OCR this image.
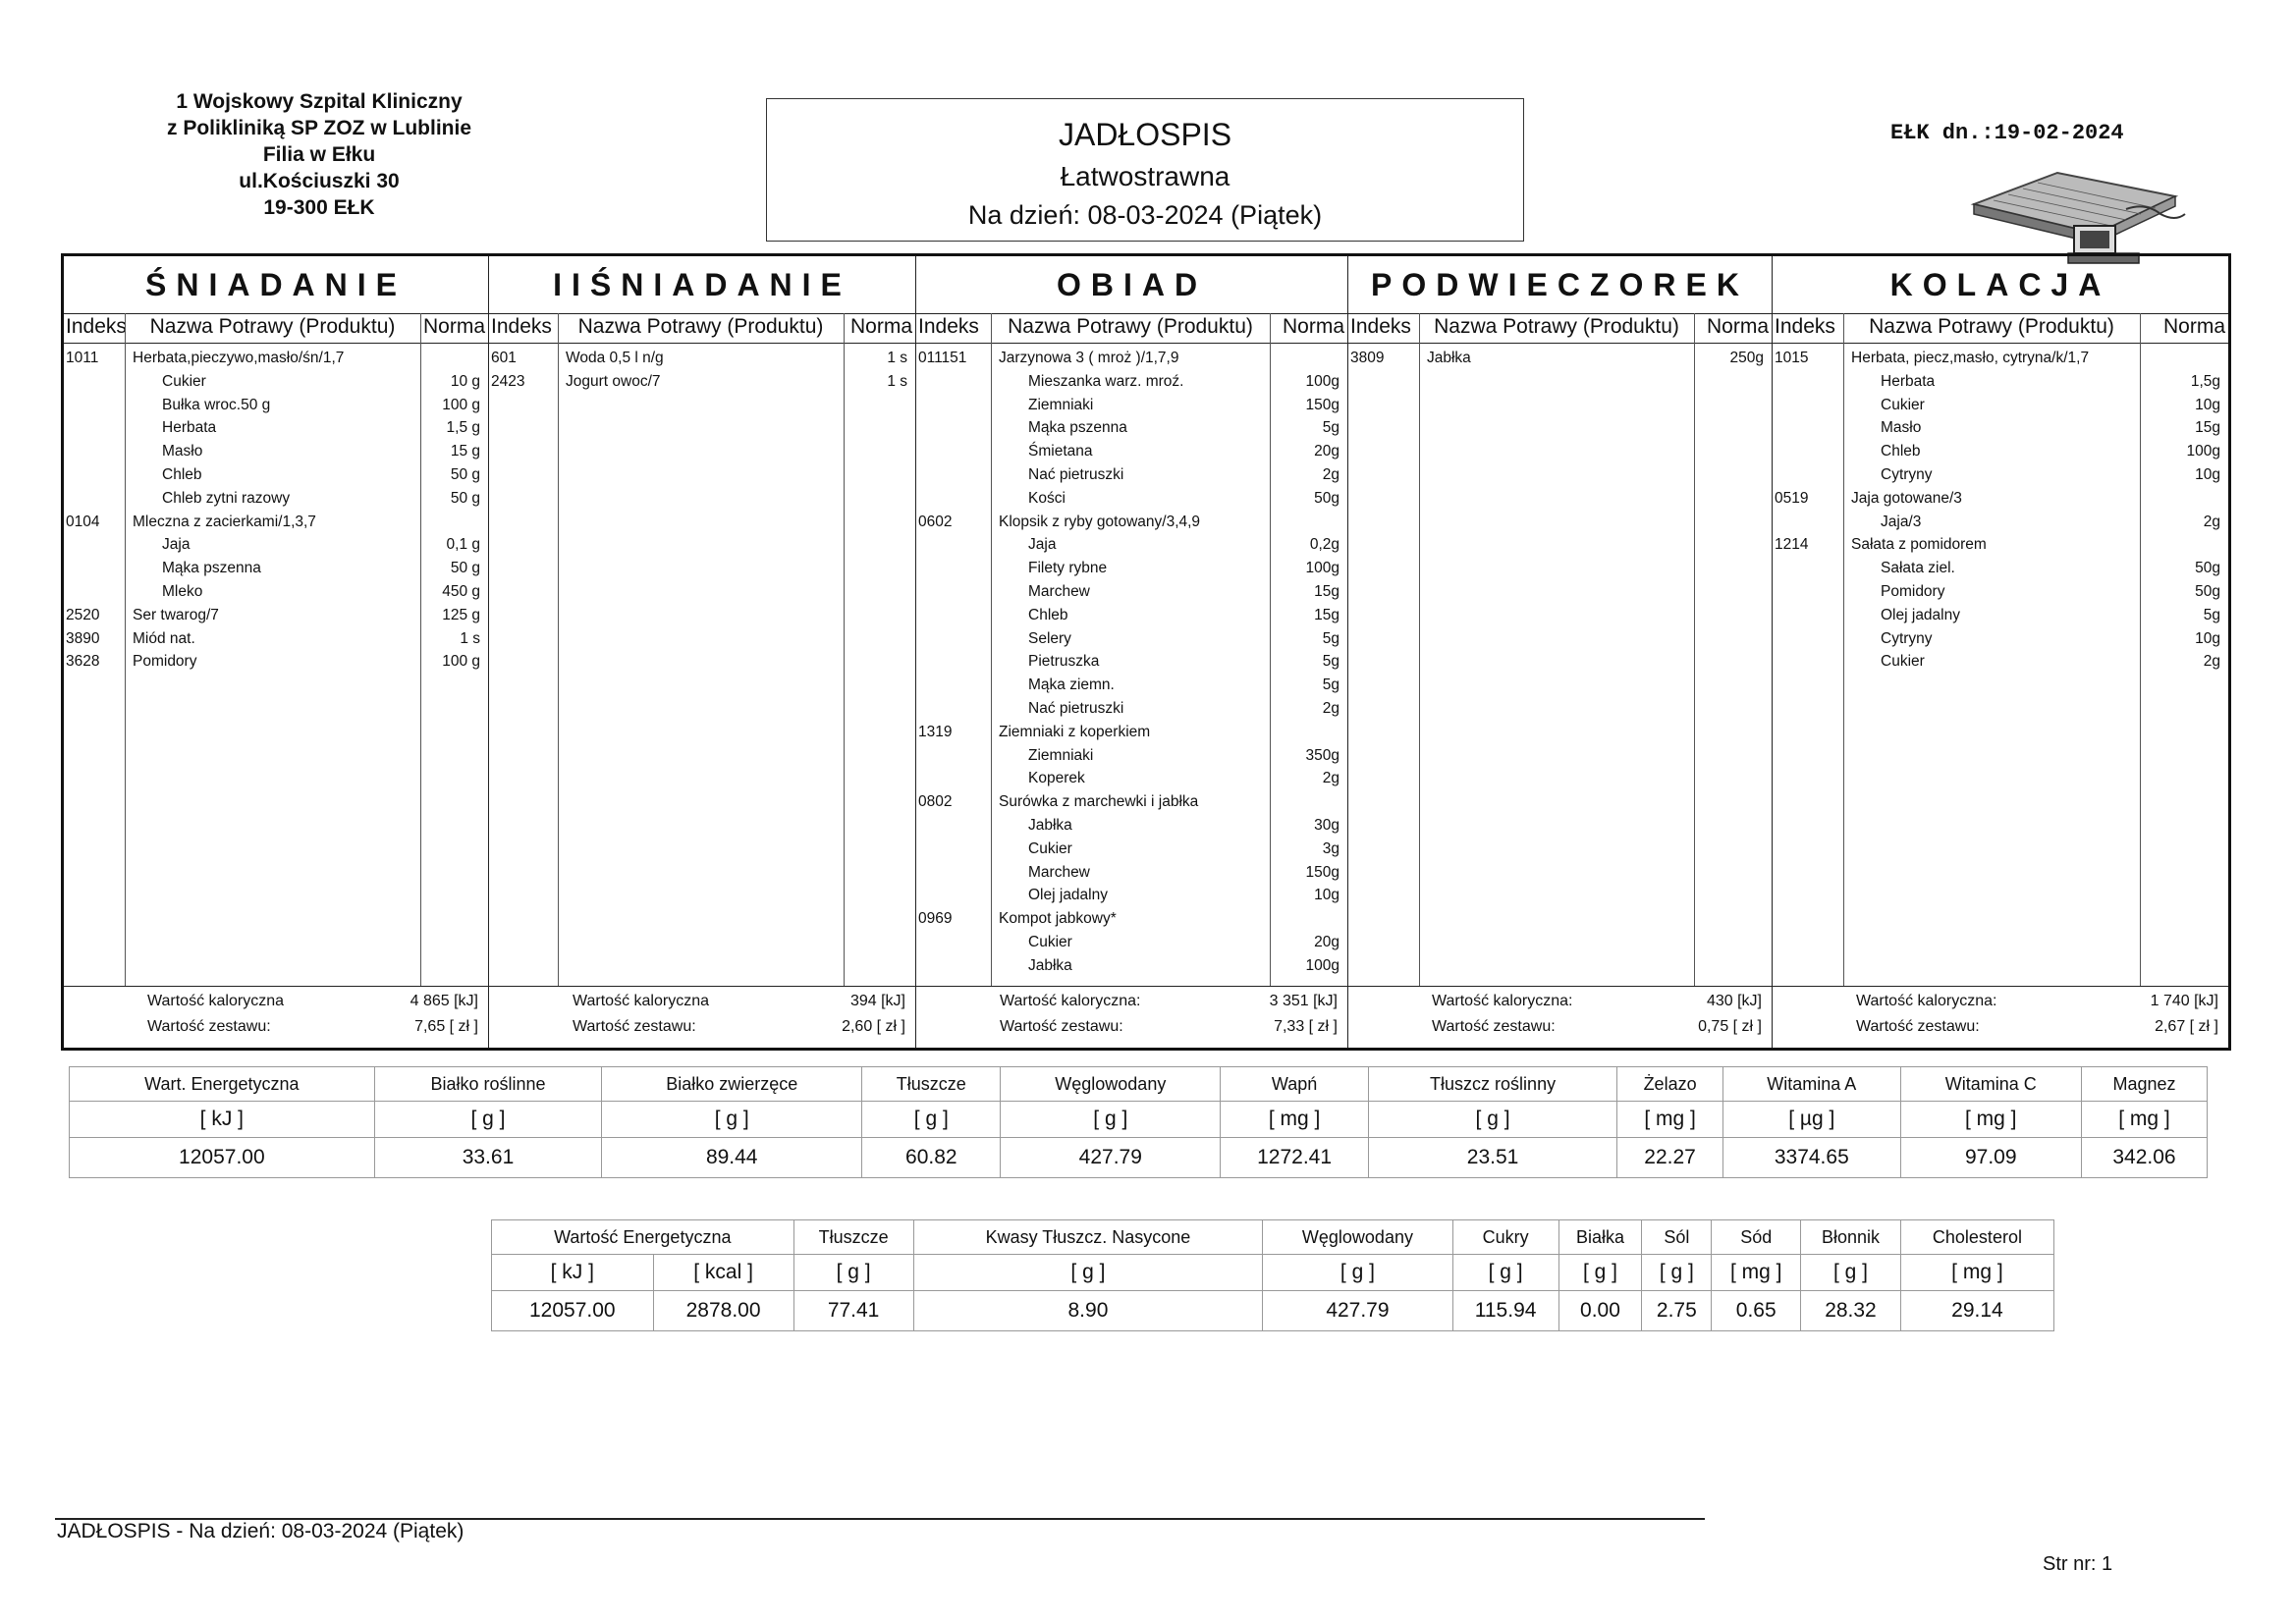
1 Wojskowy Szpital Kliniczny
z Polikliniką SP ZOZ w Lublinie
Filia w Ełku
ul.Kościuszki 30
19-300 EŁK
JADŁOSPIS
Łatwostrawna
Na dzień: 08-03-2024 (Piątek)
EŁK dn.:19-02-2024
ŚNIADANIE
Indeks	Nazwa Potrawy (Produktu)	Norma
1011 Herbata,pieczywo,masło/śn/1,7
Cukier	10 g
Bułka wroc.50 g	100 g
Herbata	1,5 g
Masło	15 g
Chleb	50 g
Chleb zytni razowy	50 g
0104 Mleczna z zacierkami/1,3,7
Jaja	0,1 g
Mąka pszenna	50 g
Mleko	450 g
2520 Ser twarog/7	125 g
3890 Miód nat.	1 s
3628 Pomidory	100 g
Wartość kaloryczna	4 865 [kJ]
Wartość zestawu:	7,65 [ zł ]
IIŚNIADANIE
Indeks	Nazwa Potrawy (Produktu)	Norma
601	Woda 0,5 l n/g	1 s
2423	Jogurt owoc/7	1 s
Wartość kaloryczna	394 [kJ]
Wartość zestawu:	2,60 [ zł ]
OBIAD
Indeks	Nazwa Potrawy (Produktu)	Norma
011151 Jarzynowa 3 ( mroż )/1,7,9
Mieszanka warz. mroź.	100g
Ziemniaki	150g
Mąka pszenna	5g
Śmietana	20g
Nać pietruszki	2g
Kości	50g
0602	Klopsik z ryby gotowany/3,4,9
Jaja	0,2g
Filety rybne	100g
Marchew	15g
Chleb	15g
Selery	5g
Pietruszka	5g
Mąka ziemn.	5g
Nać pietruszki	2g
1319	Ziemniaki z koperkiem
Ziemniaki	350g
Koperek	2g
0802	Surówka z marchewki i jabłka
Jabłka	30g
Cukier	3g
Marchew	150g
Olej jadalny	10g
0969	Kompot jabkowy*
Cukier	20g
Jabłka	100g
Wartość kaloryczna:	3 351 [kJ]
Wartość zestawu:	7,33 [ zł ]
PODWIECZOREK
Indeks	Nazwa Potrawy (Produktu)	Norma
3809	Jabłka	250g
Wartość kaloryczna:	430 [kJ]
Wartość zestawu:	0,75 [ zł ]
KOLACJA
Indeks	Nazwa Potrawy (Produktu)	Norma
1015	Herbata, piecz,masło, cytryna/k/1,7
Herbata	1,5g
Cukier	10g
Masło	15g
Chleb	100g
Cytryny	10g
0519	Jaja gotowane/3
Jaja/3	2g
1214	Sałata z pomidorem
Sałata ziel.	50g
Pomidory	50g
Olej jadalny	5g
Cytryny	10g
Cukier	2g
Wartość kaloryczna:	1 740 [kJ]
Wartość zestawu:	2,67 [ zł ]
Wart. Energetyczna	Białko roślinne	Białko zwierzęce	Tłuszcze	Węglowodany	Wapń	Tłuszcz roślinny	Żelazo	Witamina A	Witamina C	Magnez
[ kJ ]	[ g ]	[ g ]	[ g ]	[ g ]	[ mg ]	[ g ]	[ mg ]	[ µg ]	[ mg ]	[ mg ]
12057.00	33.61	89.44	60.82	427.79	1272.41	23.51	22.27	3374.65	97.09	342.06
Wartość Energetyczna		Tłuszcze	Kwasy Tłuszcz. Nasycone	Węglowodany	Cukry	Białka	Sól	Sód	Błonnik	Cholesterol
[ kJ ]	[ kcal ]	[ g ]	[ g ]	[ g ]	[ g ]	[ g ]	[ g ]	[ mg ]	[ g ]	[ mg ]
12057.00	2878.00	77.41	8.90	427.79	115.94	0.00	2.75	0.65	28.32	29.14
JADŁOSPIS - Na dzień: 08-03-2024 (Piątek)
Str nr: 1
